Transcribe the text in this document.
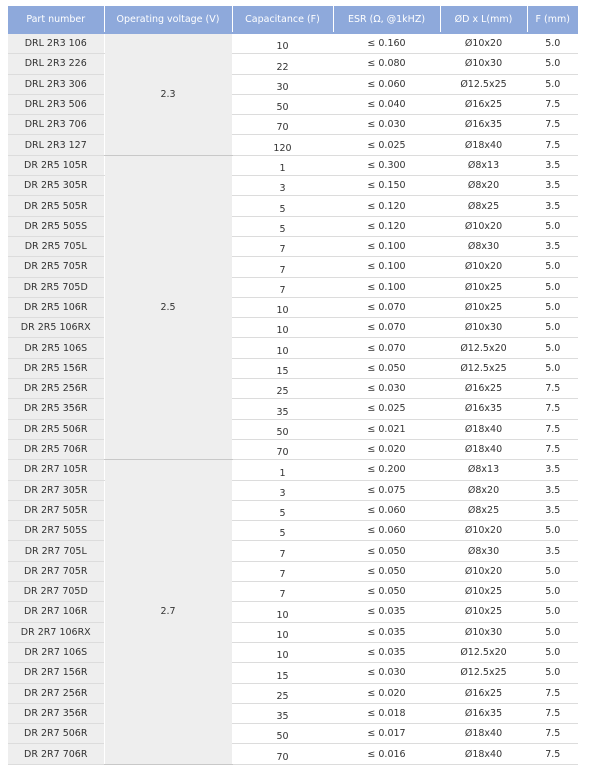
Part number	Operating voltage (V)	Capacitance (F)	ESR (Ω, @1kHZ)	ØD x L(mm)	F (mm)
DRL 2R3 106	2.3	10	≤ 0.160	Ø10x20	5.0
DRL 2R3 226		22	≤ 0.080	Ø10x30	5.0
DRL 2R3 306		30	≤ 0.060	Ø12.5x25	5.0
DRL 2R3 506		50	≤ 0.040	Ø16x25	7.5
DRL 2R3 706		70	≤ 0.030	Ø16x35	7.5
DRL 2R3 127		120	≤ 0.025	Ø18x40	7.5
DR 2R5 105R	2.5	1	≤ 0.300	Ø8x13	3.5
DR 2R5 305R		3	≤ 0.150	Ø8x20	3.5
DR 2R5 505R		5	≤ 0.120	Ø8x25	3.5
DR 2R5 505S		5	≤ 0.120	Ø10x20	5.0
DR 2R5 705L		7	≤ 0.100	Ø8x30	3.5
DR 2R5 705R		7	≤ 0.100	Ø10x20	5.0
DR 2R5 705D		7	≤ 0.100	Ø10x25	5.0
DR 2R5 106R		10	≤ 0.070	Ø10x25	5.0
DR 2R5 106RX		10	≤ 0.070	Ø10x30	5.0
DR 2R5 106S		10	≤ 0.070	Ø12.5x20	5.0
DR 2R5 156R		15	≤ 0.050	Ø12.5x25	5.0
DR 2R5 256R		25	≤ 0.030	Ø16x25	7.5
DR 2R5 356R		35	≤ 0.025	Ø16x35	7.5
DR 2R5 506R		50	≤ 0.021	Ø18x40	7.5
DR 2R5 706R		70	≤ 0.020	Ø18x40	7.5
DR 2R7 105R	2.7	1	≤ 0.200	Ø8x13	3.5
DR 2R7 305R		3	≤ 0.075	Ø8x20	3.5
DR 2R7 505R		5	≤ 0.060	Ø8x25	3.5
DR 2R7 505S		5	≤ 0.060	Ø10x20	5.0
DR 2R7 705L		7	≤ 0.050	Ø8x30	3.5
DR 2R7 705R		7	≤ 0.050	Ø10x20	5.0
DR 2R7 705D		7	≤ 0.050	Ø10x25	5.0
DR 2R7 106R		10	≤ 0.035	Ø10x25	5.0
DR 2R7 106RX		10	≤ 0.035	Ø10x30	5.0
DR 2R7 106S		10	≤ 0.035	Ø12.5x20	5.0
DR 2R7 156R		15	≤ 0.030	Ø12.5x25	5.0
DR 2R7 256R		25	≤ 0.020	Ø16x25	7.5
DR 2R7 356R		35	≤ 0.018	Ø16x35	7.5
DR 2R7 506R		50	≤ 0.017	Ø18x40	7.5
DR 2R7 706R		70	≤ 0.016	Ø18x40	7.5
